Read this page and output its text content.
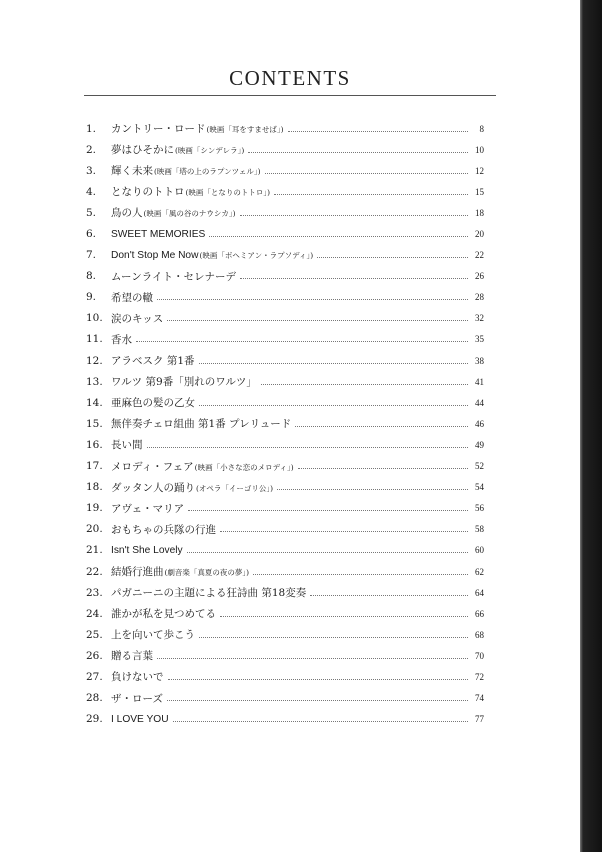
CONTENTS
1.	カントリー・ロード(映画「耳をすませば」)	8
2.	夢はひそかに(映画「シンデレラ」)	10
3.	輝く未来(映画「塔の上のラプンツェル」)	12
4.	となりのトトロ(映画「となりのトトロ」)	15
5.	鳥の人(映画「風の谷のナウシカ」)	18
6.	SWEET MEMORIES	20
7.	Don't Stop Me Now(映画「ボヘミアン・ラプソディ」)	22
8.	ムーンライト・セレナーデ	26
9.	希望の轍	28
10. 涙のキッス	32
11. 香水	35
12. アラベスク 第1番	38
13. ワルツ 第9番「別れのワルツ」	41
14. 亜麻色の髪の乙女	44
15. 無伴奏チェロ組曲 第1番 プレリュード	46
16. 長い間	49
17. メロディ・フェア(映画「小さな恋のメロディ」)	52
18. ダッタン人の踊り(オペラ「イーゴリ公」)	54
19. アヴェ・マリア	56
20. おもちゃの兵隊の行進	58
21. Isn't She Lovely	60
22. 結婚行進曲(劇音楽「真夏の夜の夢」)	62
23. パガニーニの主題による狂詩曲 第18変奏	64
24. 誰かが私を見つめてる	66
25. 上を向いて歩こう	68
26. 贈る言葉	70
27. 負けないで	72
28. ザ・ローズ	74
29. I LOVE YOU	77
